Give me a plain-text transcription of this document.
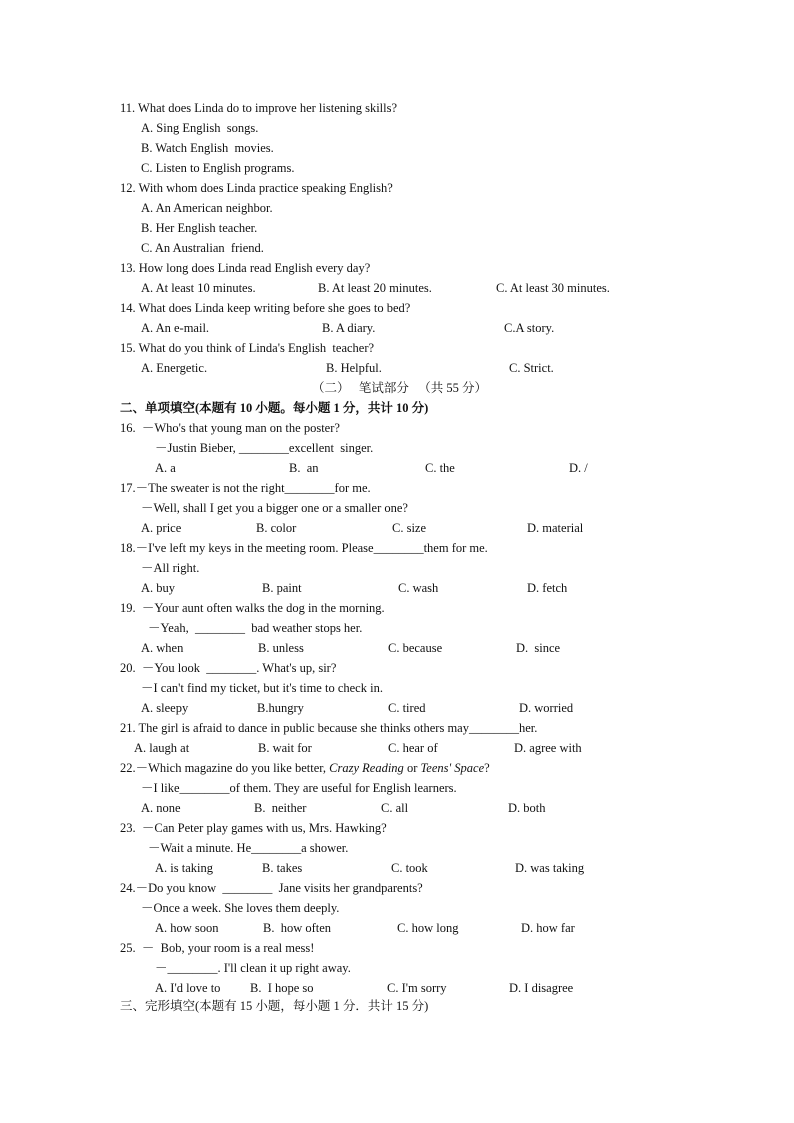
11. What does Linda do to improve her listening skills?
A. Sing English  songs.
B. Watch English  movies.
C. Listen to English programs.
12. With whom does Linda practice speaking English?
A. An American neighbor.
B. Her English teacher.
C. An Australian  friend.
13. How long does Linda read English every day?
A. At least 10 minutes.	B. At least 20 minutes.	C. At least 30 minutes.
14. What does Linda keep writing before she goes to bed?
A. An e-mail.	B. A diary.	C.A story.
15. What do you think of Linda's English  teacher?
A. Energetic.	B. Helpful.	C. Strict.
（二）   笔试部分   （共 55 分）
二、单项填空(本题有 10 小题。每小题 1 分，共计 10 分)
16.  －Who's that young man on the poster?
－Justin Bieber, ________excellent  singer.
A. a	B.  an	C. the	D. /
17.－The sweater is not the right________for me.
－Well, shall I get you a bigger one or a smaller one?
A. price	B. color	C. size	D. material
18.－I've left my keys in the meeting room. Please________them for me.
－All right.
A. buy	B. paint	C. wash	D. fetch
19.  －Your aunt often walks the dog in the morning.
－Yeah,  ________  bad weather stops her.
A. when	B. unless	C. because	D.  since
20.  －You look  ________. What's up, sir?
－I can't find my ticket, but it's time to check in.
A. sleepy	B.hungry	C. tired	D. worried
21. The girl is afraid to dance in public because she thinks others may________her.
A. laugh at	B. wait for	C. hear of	D. agree with
22.－Which magazine do you like better, Crazy Reading or Teens' Space?
－I like________of them. They are useful for English learners.
A. none	B.  neither	C. all	D. both
23.  －Can Peter play games with us, Mrs. Hawking?
－Wait a minute. He________a shower.
A. is taking	B. takes	C. took	D. was taking
24.－Do you know  ________  Jane visits her grandparents?
－Once a week. She loves them deeply.
A. how soon	B.  how often	C. how long	D. how far
25.  －  Bob, your room is a real mess!
－________. I'll clean it up right away.
A. I'd love to B.  I hope so	C. I'm sorry	D. I disagree
三、完形填空(本题有 15 小题，每小题 1 分．共计 15 分)
